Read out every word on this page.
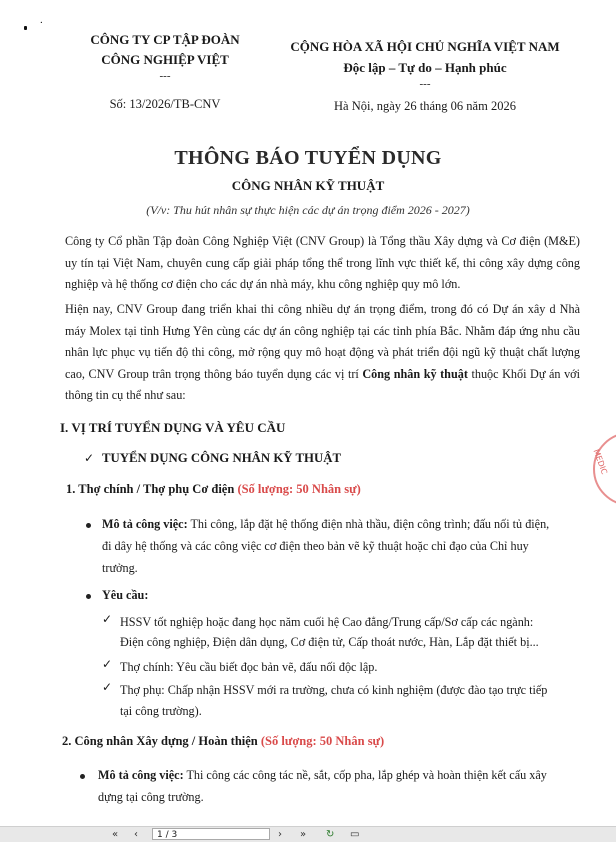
.
CÔNG TY CP TẬP ĐOÀN
CÔNG NGHIỆP VIỆT
---
Số: 13/2026/TB-CNV
CỘNG HÒA XÃ HỘI CHỦ NGHĨA VIỆT NAM
Độc lập – Tự do – Hạnh phúc
---
Hà Nội, ngày 26 tháng 06 năm 2026
THÔNG BÁO TUYỂN DỤNG
CÔNG NHÂN KỸ THUẬT
(V/v: Thu hút nhân sự thực hiện các dự án trọng điểm 2026 - 2027)
Công ty Cổ phần Tập đoàn Công Nghiệp Việt (CNV Group) là Tổng thầu Xây dựng và Cơ điện (M&E) uy tín tại Việt Nam, chuyên cung cấp giải pháp tổng thể trong lĩnh vực thiết kế, thi công xây dựng công nghiệp và hệ thống cơ điện cho các dự án nhà máy, khu công nghiệp quy mô lớn.
Hiện nay, CNV Group đang triển khai thi công nhiều dự án trọng điểm, trong đó có Dự án xây d Nhà máy Molex tại tỉnh Hưng Yên cùng các dự án công nghiệp tại các tỉnh phía Bắc. Nhằm đáp ứng nhu cầu nhân lực phục vụ tiến độ thi công, mở rộng quy mô hoạt động và phát triển đội ngũ kỹ thuật chất lượng cao, CNV Group trân trọng thông báo tuyển dụng các vị trí Công nhân kỹ thuật thuộc Khối Dự án với thông tin cụ thể như sau:
I. VỊ TRÍ TUYỂN DỤNG VÀ YÊU CẦU
✓ TUYỂN DỤNG CÔNG NHÂN KỸ THUẬT
1. Thợ chính / Thợ phụ Cơ điện (Số lượng: 50 Nhân sự)
Mô tả công việc: Thi công, lắp đặt hệ thống điện nhà thầu, điện công trình; đấu nối tủ điện, đi dây hệ thống và các công việc cơ điện theo bản vẽ kỹ thuật hoặc chỉ đạo của Chỉ huy trưởng.
Yêu cầu:
✓ HSSV tốt nghiệp hoặc đang học năm cuối hệ Cao đẳng/Trung cấp/Sơ cấp các ngành: Điện công nghiệp, Điện dân dụng, Cơ điện tử, Cấp thoát nước, Hàn, Lắp đặt thiết bị...
✓ Thợ chính: Yêu cầu biết đọc bản vẽ, đấu nối độc lập.
✓ Thợ phụ: Chấp nhận HSSV mới ra trường, chưa có kinh nghiệm (được đào tạo trực tiếp tại công trường).
2. Công nhân Xây dựng / Hoàn thiện (Số lượng: 50 Nhân sự)
Mô tả công việc: Thi công các công tác nề, sắt, cốp pha, lắp ghép và hoàn thiện kết cấu xây dựng tại công trường.
MEDIC
« ‹	1 / 3	› » ↻ ▭
